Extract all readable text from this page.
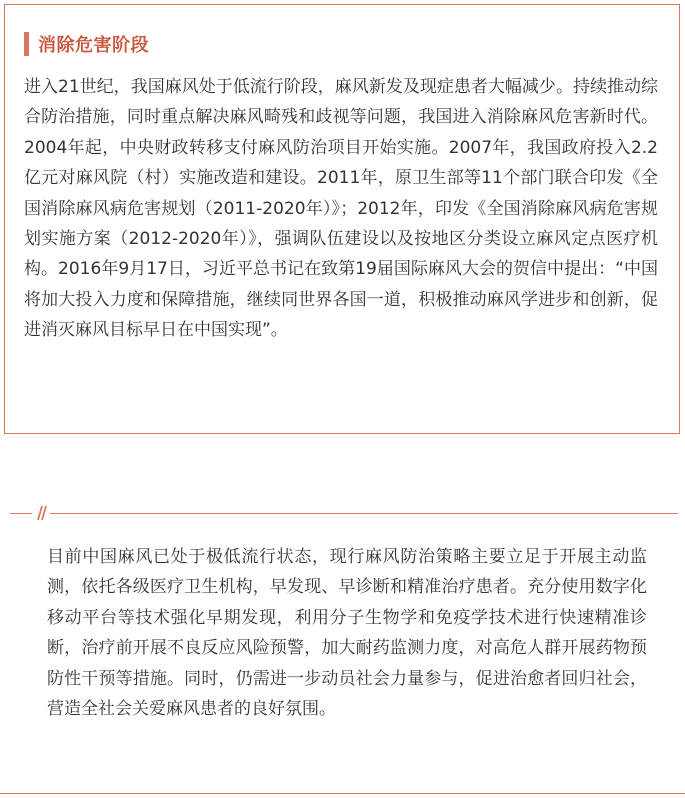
消除危害阶段

进入21世纪，我国麻风处于低流行阶段，麻风新发及现症患者大幅减少。持续推动综合防治措施，同时重点解决麻风畸残和歧视等问题，我国进入消除麻风危害新时代。2004年起，中央财政转移支付麻风防治项目开始实施。2007年，我国政府投入2.2亿元对麻风院（村）实施改造和建设。2011年，原卫生部等11个部门联合印发《全国消除麻风病危害规划（2011-2020年）》；2012年，印发《全国消除麻风病危害规划实施方案（2012-2020年）》，强调队伍建设以及按地区分类设立麻风定点医疗机构。2016年9月17日，习近平总书记在致第19届国际麻风大会的贺信中提出：“中国将加大投入力度和保障措施，继续同世界各国一道，积极推动麻风学进步和创新，促进消灭麻风目标早日在中国实现”。

目前中国麻风已处于极低流行状态，现行麻风防治策略主要立足于开展主动监测，依托各级医疗卫生机构，早发现、早诊断和精准治疗患者。充分使用数字化移动平台等技术强化早期发现，利用分子生物学和免疫学技术进行快速精准诊断，治疗前开展不良反应风险预警，加大耐药监测力度，对高危人群开展药物预防性干预等措施。同时，仍需进一步动员社会力量参与，促进治愈者回归社会，营造全社会关爱麻风患者的良好氛围。
